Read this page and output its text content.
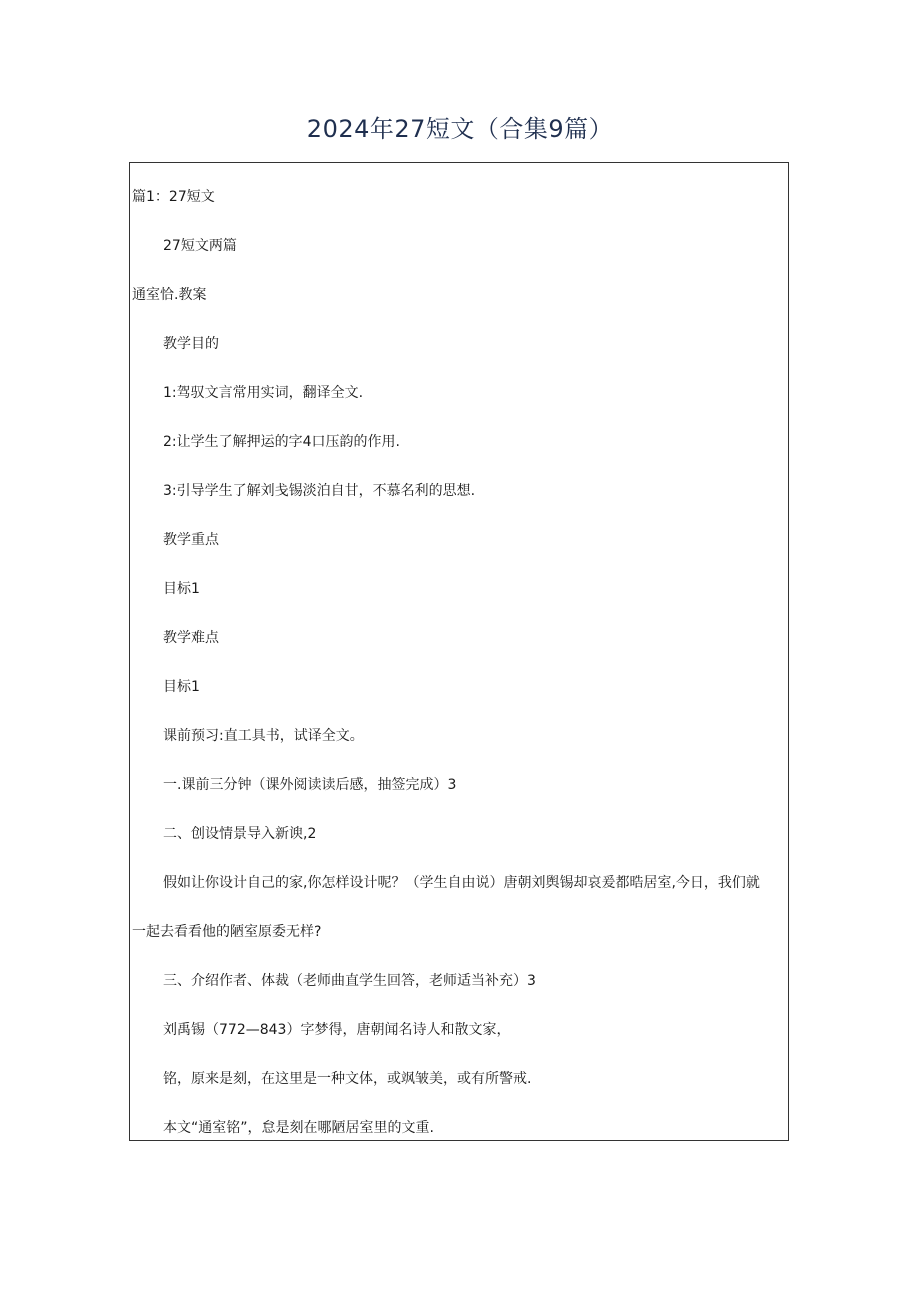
2024年27短文（合集9篇）
篇1：27短文
27短文两篇
通室恰.教案
教学目的
1:驾驭文言常用实词，翻译全文.
2:让学生了解押运的字4口压韵的作用.
3:引导学生了解刘戋锡淡泊自甘，不慕名利的思想.
教学重点
目标1
教学难点
目标1
课前预习:直工具书，试译全文。
一.课前三分钟（课外阅读读后感，抽签完成）3
二、创设情景导入新谀,2
假如让你设计自己的家,你怎样设计呢？（学生自由说）唐朝刘舆锡却哀爰都晧居室,今日，我们就
一起去看看他的陋室原委无样?
三、介绍作者、体裁（老师曲直学生回答，老师适当补充）3
刘禹锡（772—843）字梦得，唐朝闻名诗人和散文家，
铭，原来是刻，在这里是一种文体，或飒皱美，或有所警戒.
本文“通室铭”，怠是刻在哪陋居室里的文重.
